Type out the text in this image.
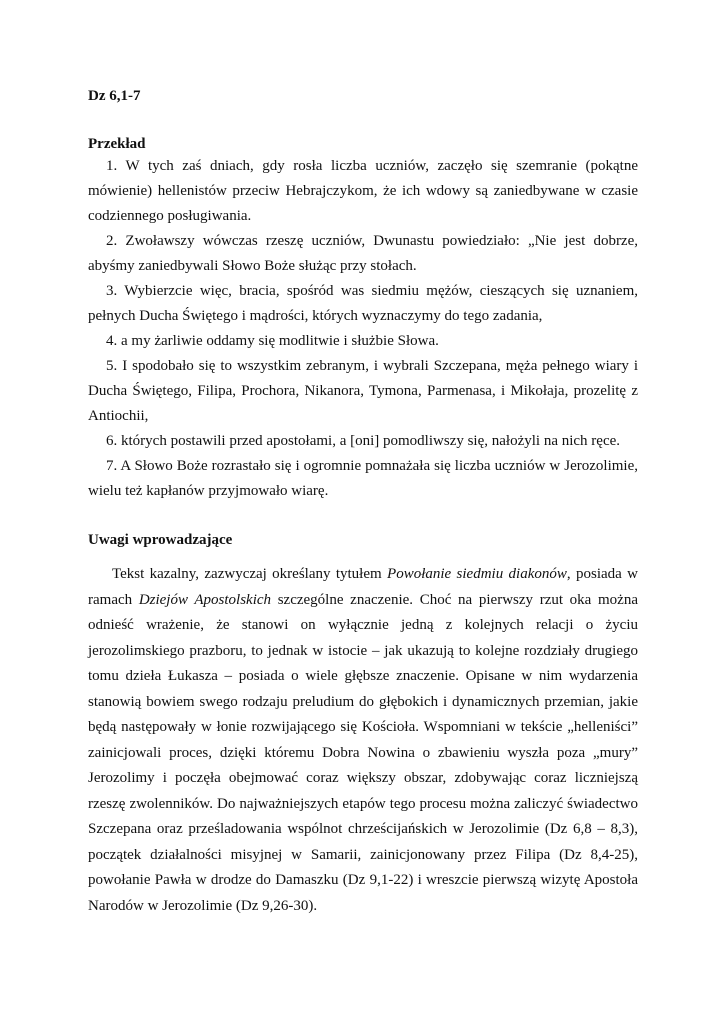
Dz 6,1-7

Przekład

1. W tych zaś dniach, gdy rosła liczba uczniów, zaczęło się szemranie (pokątne mówienie) hellenistów przeciw Hebrajczykom, że ich wdowy są zaniedbywane w czasie codziennego posługiwania.

2. Zwoławszy wówczas rzeszę uczniów, Dwunastu powiedziało: „Nie jest dobrze, abyśmy zaniedbywali Słowo Boże służąc przy stołach.

3. Wybierzcie więc, bracia, spośród was siedmiu mężów, cieszących się uznaniem, pełnych Ducha Świętego i mądrości, których wyznaczymy do tego zadania,

4. a my żarliwie oddamy się modlitwie i służbie Słowa.

5. I spodobało się to wszystkim zebranym, i wybrali Szczepana, męża pełnego wiary i Ducha Świętego, Filipa, Prochora, Nikanora, Tymona, Parmenasa, i Mikołaja, prozelitę z Antiochii,

6. których postawili przed apostołami, a [oni] pomodliwszy się, nałożyli na nich ręce.

7. A Słowo Boże rozrastało się i ogromnie pomnażała się liczba uczniów w Jerozolimie, wielu też kapłanów przyjmowało wiarę.

Uwagi wprowadzające

Tekst kazalny, zazwyczaj określany tytułem Powołanie siedmiu diakonów, posiada w ramach Dziejów Apostolskich szczególne znaczenie. Choć na pierwszy rzut oka można odnieść wrażenie, że stanowi on wyłącznie jedną z kolejnych relacji o życiu jerozolimskiego prazboru, to jednak w istocie – jak ukazują to kolejne rozdziały drugiego tomu dzieła Łukasza – posiada o wiele głębsze znaczenie. Opisane w nim wydarzenia stanowią bowiem swego rodzaju preludium do głębokich i dynamicznych przemian, jakie będą następowały w łonie rozwijającego się Kościoła. Wspomniani w tekście „helleniści” zainicjowali proces, dzięki któremu Dobra Nowina o zbawieniu wyszła poza „mury” Jerozolimy i poczęła obejmować coraz większy obszar, zdobywając coraz liczniejszą rzeszę zwolenników. Do najważniejszych etapów tego procesu można zaliczyć świadectwo Szczepana oraz prześladowania wspólnot chrześcijańskich w Jerozolimie (Dz 6,8 – 8,3), początek działalności misyjnej w Samarii, zainicjonowany przez Filipa (Dz 8,4-25), powołanie Pawła w drodze do Damaszku (Dz 9,1-22) i wreszcie pierwszą wizytę Apostoła Narodów w Jerozolimie (Dz 9,26-30).
